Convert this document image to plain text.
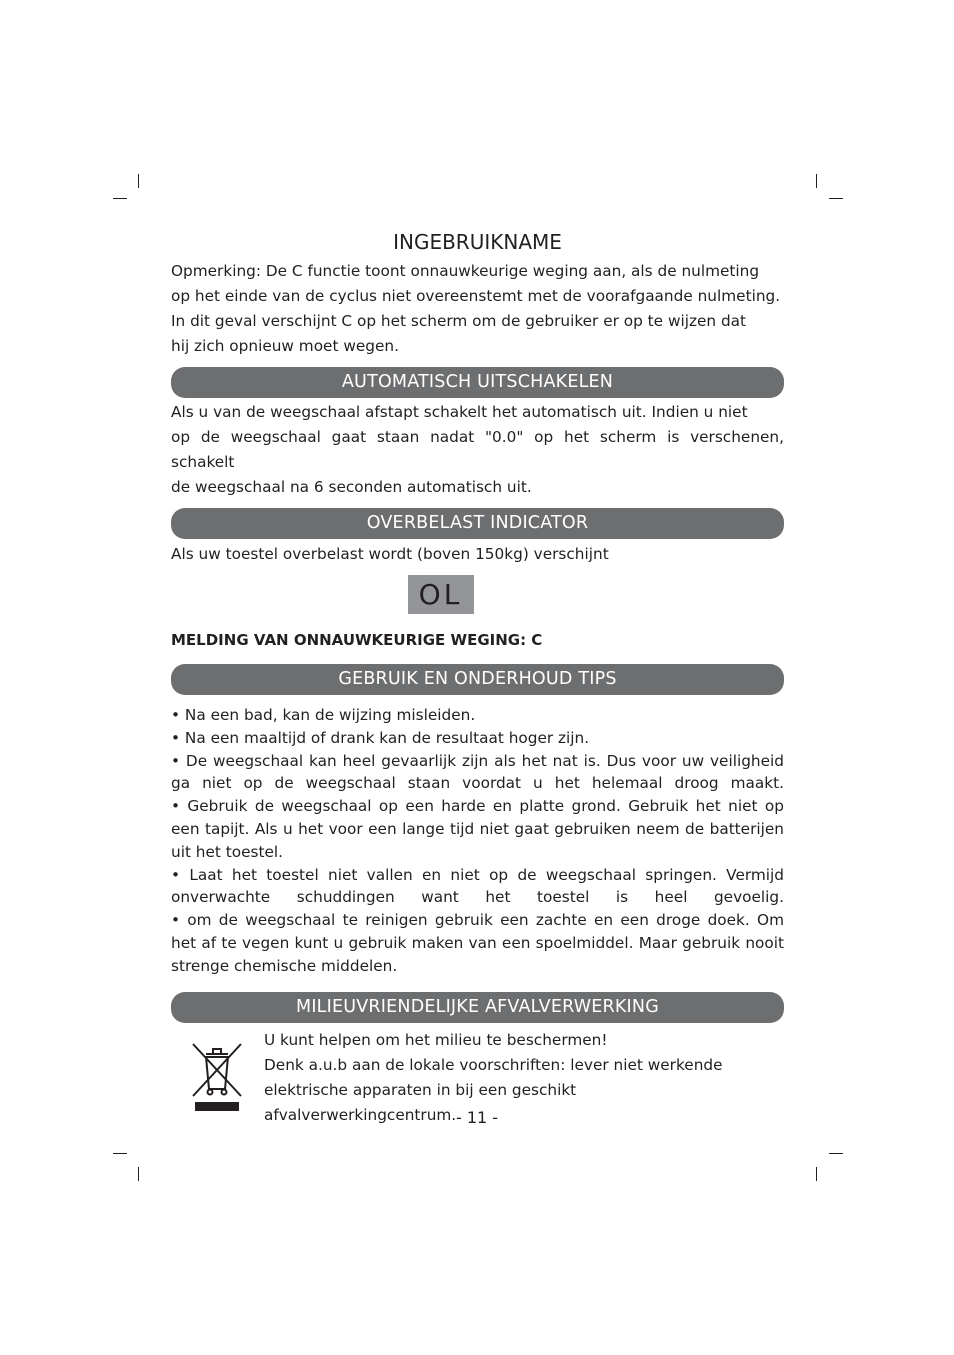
INGEBRUIKNAME

Opmerking: De C functie toont onnauwkeurige weging aan, als de nulmeting

op het einde van de cyclus niet overeenstemt met de voorafgaande nulmeting.

In dit geval verschijnt C op het scherm om de gebruiker er op te wijzen dat

hij zich opnieuw moet wegen.

AUTOMATISCH UITSCHAKELEN

Als u van de weegschaal afstapt schakelt het automatisch uit. Indien u niet

op de weegschaal gaat staan nadat "0.0" op het scherm is verschenen, schakelt

de weegschaal na 6 seconden automatisch uit.

OVERBELAST INDICATOR

Als uw toestel overbelast wordt (boven 150kg) verschijnt

OL

MELDING VAN ONNAUWKEURIGE WEGING: C

GEBRUIK EN ONDERHOUD TIPS

• Na een bad, kan de wijzing misleiden.

• Na een maaltijd of drank kan de resultaat hoger zijn.

• De weegschaal kan heel gevaarlijk zijn als het nat is. Dus voor uw veiligheid

ga niet op de weegschaal staan voordat u het helemaal droog maakt.

• Gebruik de weegschaal op een harde en platte grond. Gebruik het niet op

een tapijt. Als u het voor een lange tijd niet gaat gebruiken neem de batterijen

uit het toestel.

• Laat het toestel niet vallen en niet op de weegschaal springen. Vermijd

onverwachte schuddingen want het toestel is heel gevoelig.

• om de weegschaal te reinigen gebruik een zachte en een droge doek. Om

het af te vegen kunt u gebruik maken van een spoelmiddel. Maar gebruik nooit

strenge chemische middelen.

MILIEUVRIENDELIJKE AFVALVERWERKING
U kunt helpen om het milieu te beschermen!
Denk a.u.b aan de lokale voorschriften: lever niet werkende
elektrische apparaten in bij een geschikt
afvalverwerkingcentrum. - 11 -
